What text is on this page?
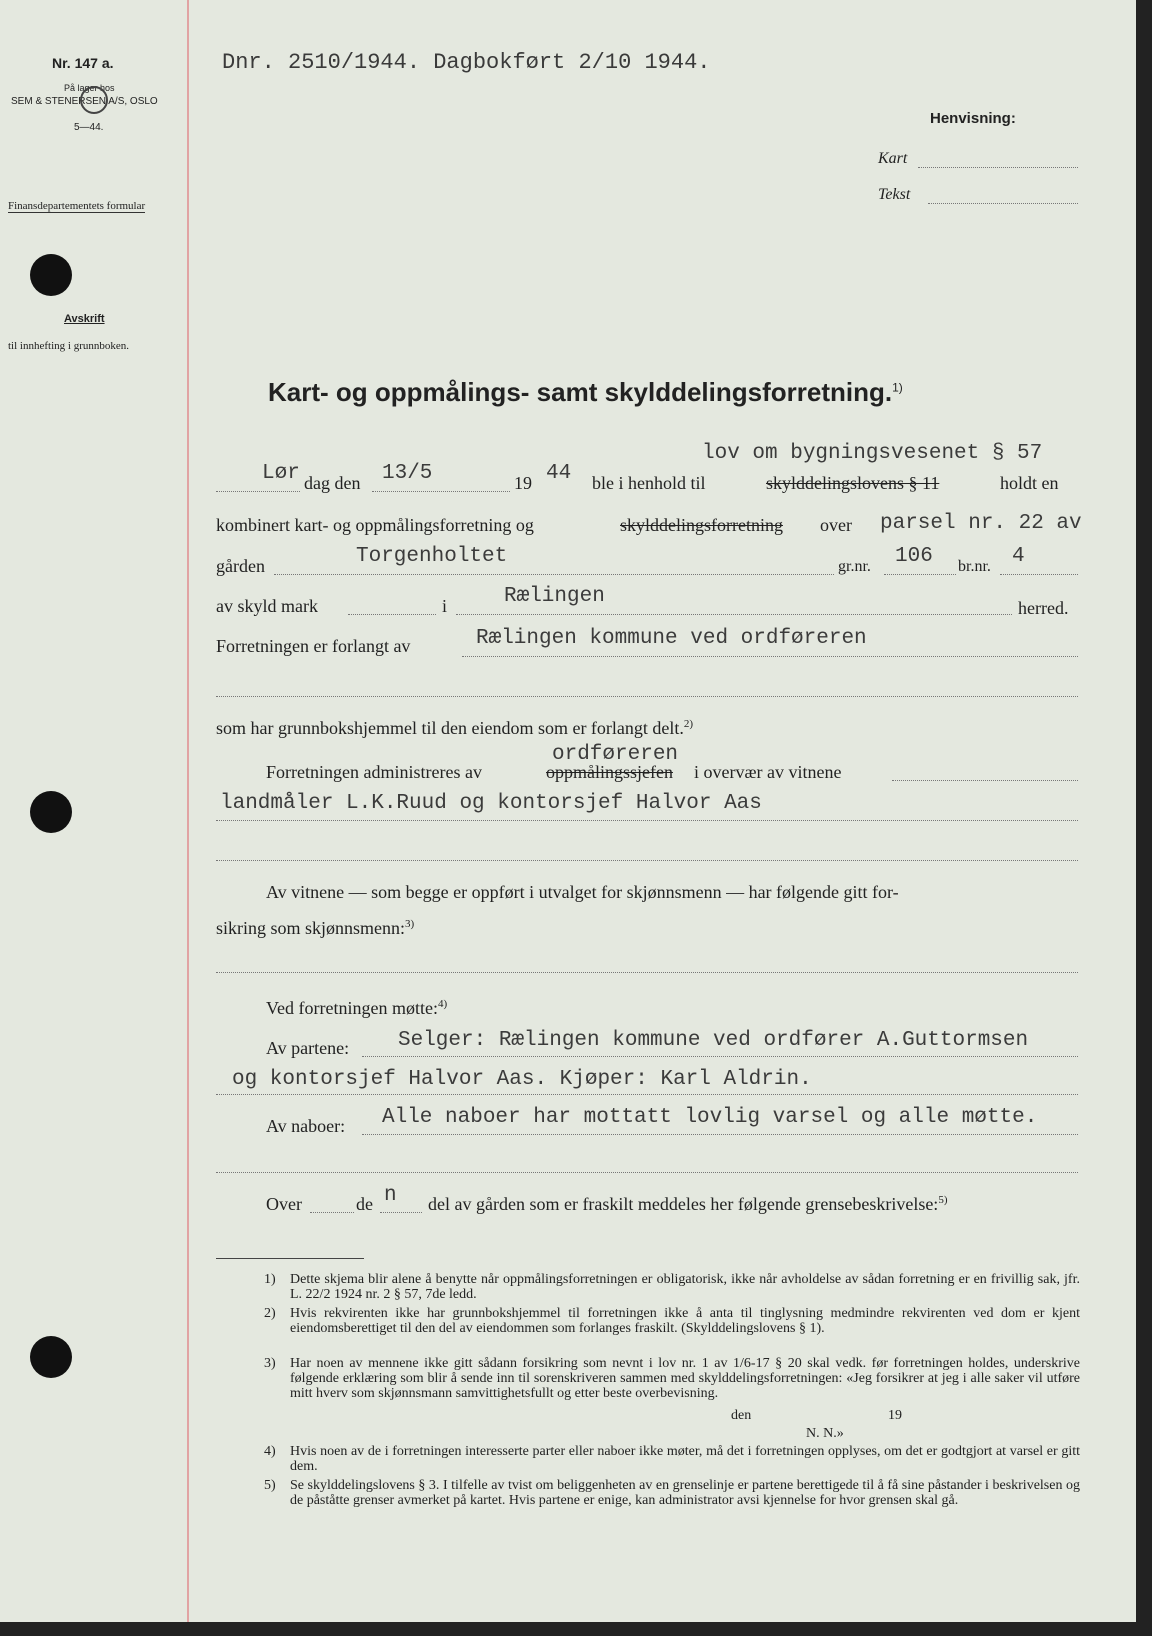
Nr. 147 a.
På lager hos
SEM & STENERSEN A/S, OSLO
5—44.
Finansdepartementets formular
Avskrift
til innhefting i grunnboken.
Dnr. 2510/1944. Dagbokført 2/10 1944.
Henvisning:
Kart
Tekst
Kart- og oppmålings- samt skylddelingsforretning.$^{1)}$
lov om bygningsvesenet § 57
Lør dag den 13/5	19 44 ble i henhold til	skylddelingslovens § 11	holdt en
kombinert kart- og oppmålingsforretning og	skylddelingsforretning over parsel nr. 22 av
gården	Torgenholtet	gr.nr. 106 br.nr. 4
av skyld mark	i	Rælingen	herred.
Forretningen er forlangt av	Rælingen kommune ved ordføreren
som har grunnbokshjemmel til den eiendom som er forlangt delt.$^{2)}$
ordføreren
Forretningen administreres av	oppmålingssjefen i overvær av vitnene
landmåler L.K.Ruud og kontorsjef Halvor Aas
Av vitnene — som begge er oppført i utvalget for skjønnsmenn — har følgende gitt for-
sikring som skjønnsmenn:$^{3)}$
Ved forretningen møtte:$^{4)}$
Av partene: Selger: Rælingen kommune ved ordfører A.Guttormsen
og kontorsjef Halvor Aas. Kjøper: Karl Aldrin.
Av naboer: Alle naboer har mottatt lovlig varsel og alle møtte.
Over	de n del av gården som er fraskilt meddeles her følgende grensebeskrivelse:$^{5)}$
1) Dette skjema blir alene å benytte når oppmålingsforretningen er obligatorisk, ikke når avholdelse av sådan forretning er en frivillig sak, jfr. L. 22/2 1924 nr. 2 § 57, 7de ledd.
2) Hvis rekvirenten ikke har grunnbokshjemmel til forretningen ikke å anta til tinglysning medmindre rekvirenten ved dom er kjent eiendomsberettiget til den del av eiendommen som forlanges fraskilt. (Skylddelingslovens § 1).
3) Har noen av mennene ikke gitt sådann forsikring som nevnt i lov nr. 1 av 1/6-17 § 20 skal vedk. før forretningen holdes, underskrive følgende erklæring som blir å sende inn til sorenskriveren sammen med skylddelingsforretningen: «Jeg forsikrer at jeg i alle saker vil utføre mitt hverv som skjønnsmann samvittighetsfullt og etter beste overbevisning.
den	19
N. N.»
4) Hvis noen av de i forretningen interesserte parter eller naboer ikke møter, må det i forretningen opplyses, om det er godtgjort at varsel er gitt dem.
5) Se skylddelingslovens § 3. I tilfelle av tvist om beliggenheten av en grenselinje er partene berettigede til å få sine påstander i beskrivelsen og de påståtte grenser avmerket på kartet. Hvis partene er enige, kan administrator avsi kjennelse for hvor grensen skal gå.
